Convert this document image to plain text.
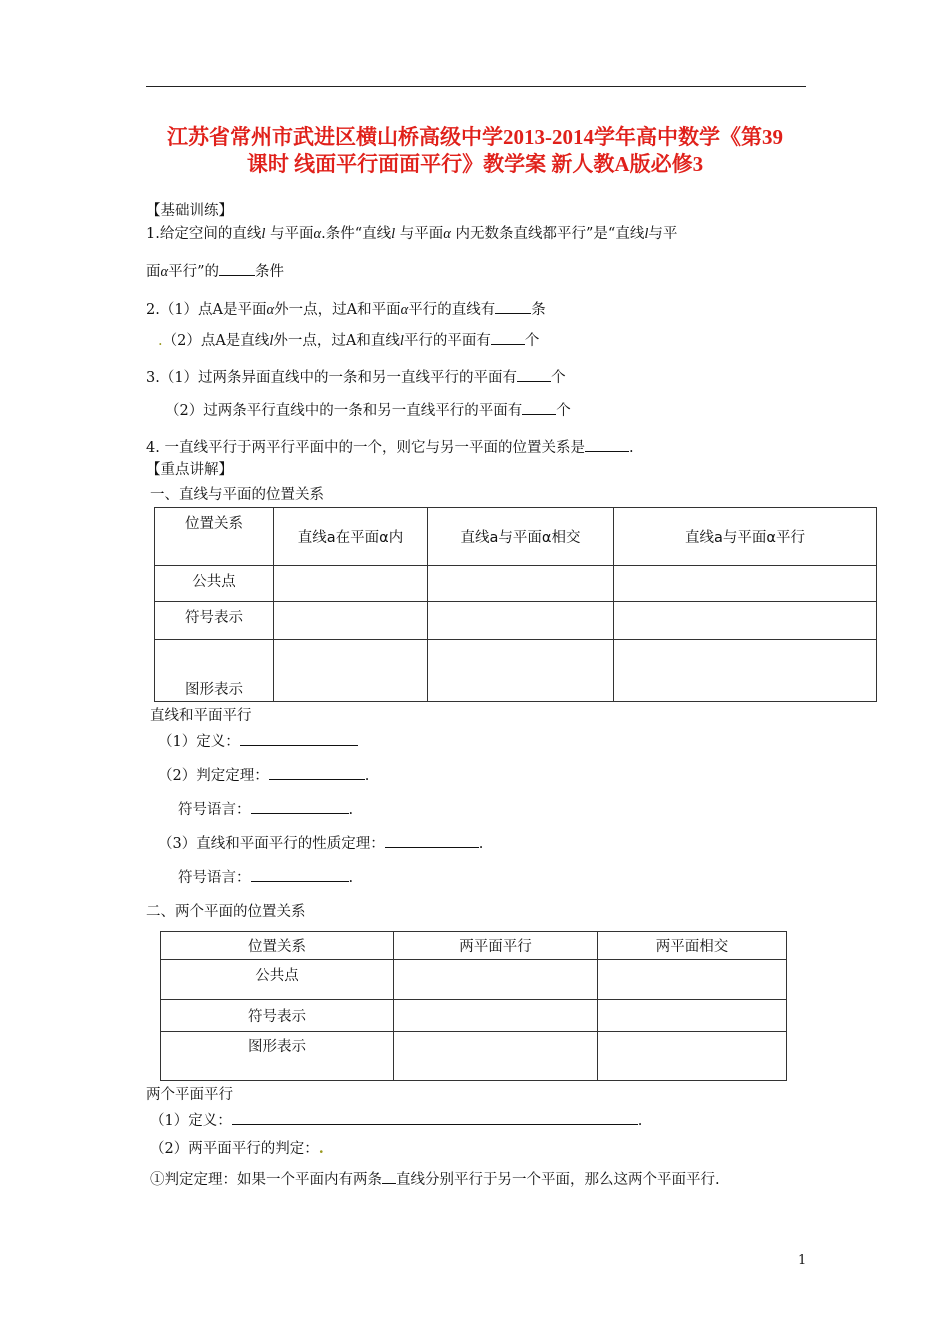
江苏省常州市武进区横山桥高级中学2013-2014学年高中数学《第39
课时 线面平行面面平行》教学案 新人教A版必修3
【基础训练】
1.给定空间的直线l 与平面α.条件“直线l 与平面α 内无数条直线都平行”是“直线l与平
面α平行”的 条件
2.（1）点A是平面α外一点，过A和平面α平行的直线有 条
.（2）点A是直线l外一点，过A和直线l平行的平面有 个
3.（1）过两条异面直线中的一条和另一直线平行的平面有 个
（2）过两条平行直线中的一条和另一直线平行的平面有 个
4. 一直线平行于两平行平面中的一个，则它与另一平面的位置关系是	.
【重点讲解】
一、直线与平面的位置关系
位置关系	直线a在平面α内	直线a与平面α相交	直线a与平面α平行
公共点			
符号表示			
图形表示			
直线和平面平行
（1）定义：
（2）判定定理：	.
符号语言：	.
（3）直线和平面平行的性质定理：	.
符号语言：	.
二、两个平面的位置关系
位置关系	两平面平行	两平面相交
公共点		
符号表示		
图形表示		
两个平面平行
（1）定义：	.
（2）两平面平行的判定：.
①判定定理：如果一个平面内有两条 直线分别平行于另一个平面，那么这两个平面平行.
1
